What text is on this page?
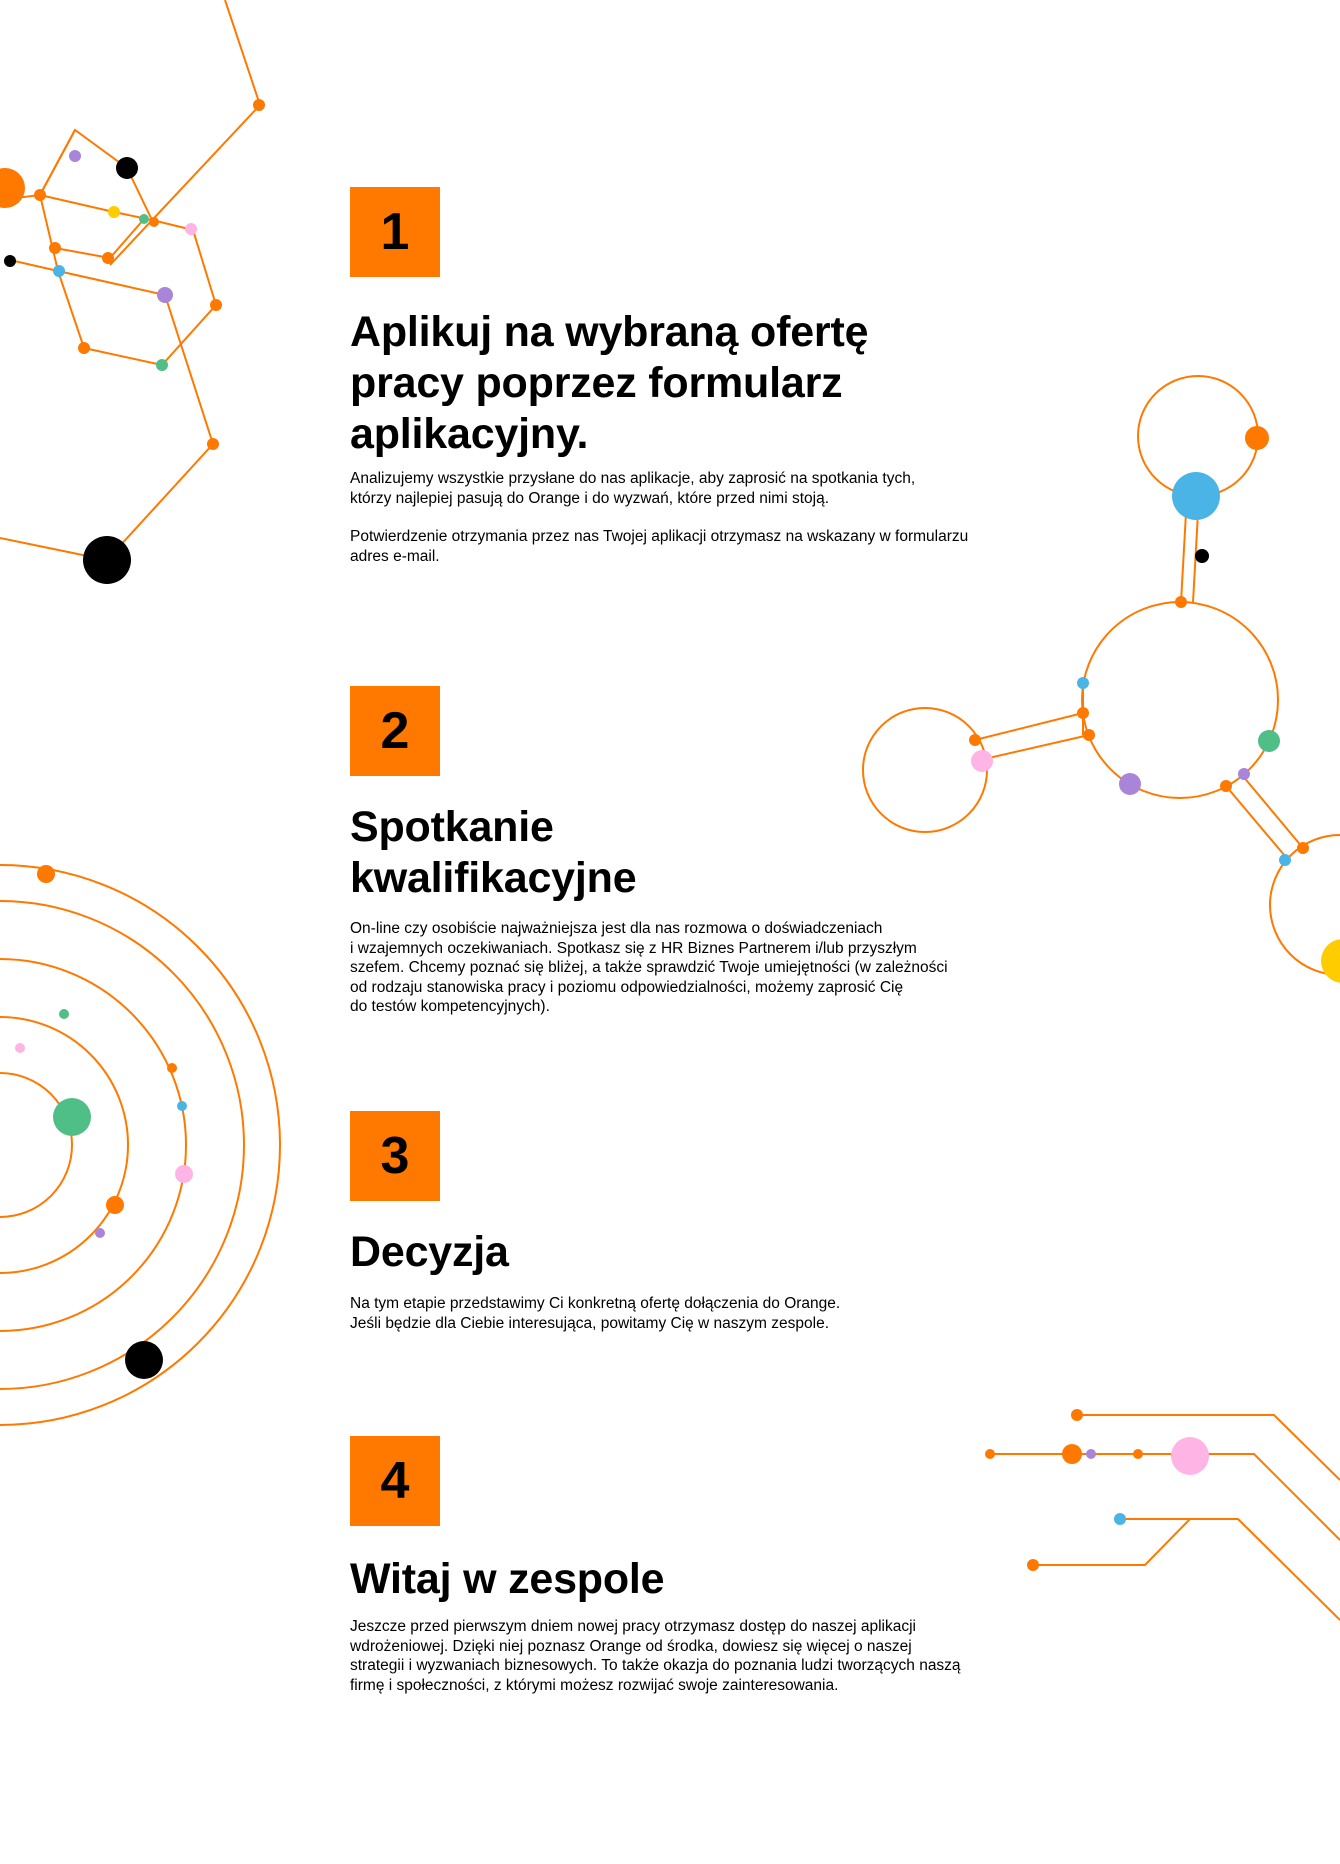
1
Aplikuj na wybraną ofertę
pracy poprzez formularz
aplikacyjny.

Analizujemy wszystkie przysłane do nas aplikacje, aby zaprosić na spotkania tych,
którzy najlepiej pasują do Orange i do wyzwań, które przed nimi stoją.

Potwierdzenie otrzymania przez nas Twojej aplikacji otrzymasz na wskazany w formularzu
adres e-mail.

2
Spotkanie
kwalifikacyjne

On-line czy osobiście najważniejsza jest dla nas rozmowa o doświadczeniach
i wzajemnych oczekiwaniach. Spotkasz się z HR Biznes Partnerem i/lub przyszłym
szefem. Chcemy poznać się bliżej, a także sprawdzić Twoje umiejętności (w zależności
od rodzaju stanowiska pracy i poziomu odpowiedzialności, możemy zaprosić Cię
do testów kompetencyjnych).

3
Decyzja

Na tym etapie przedstawimy Ci konkretną ofertę dołączenia do Orange.
Jeśli będzie dla Ciebie interesująca, powitamy Cię w naszym zespole.

4
Witaj w zespole

Jeszcze przed pierwszym dniem nowej pracy otrzymasz dostęp do naszej aplikacji
wdrożeniowej. Dzięki niej poznasz Orange od środka, dowiesz się więcej o naszej
strategii i wyzwaniach biznesowych. To także okazja do poznania ludzi tworzących naszą
firmę i społeczności, z którymi możesz rozwijać swoje zainteresowania.
